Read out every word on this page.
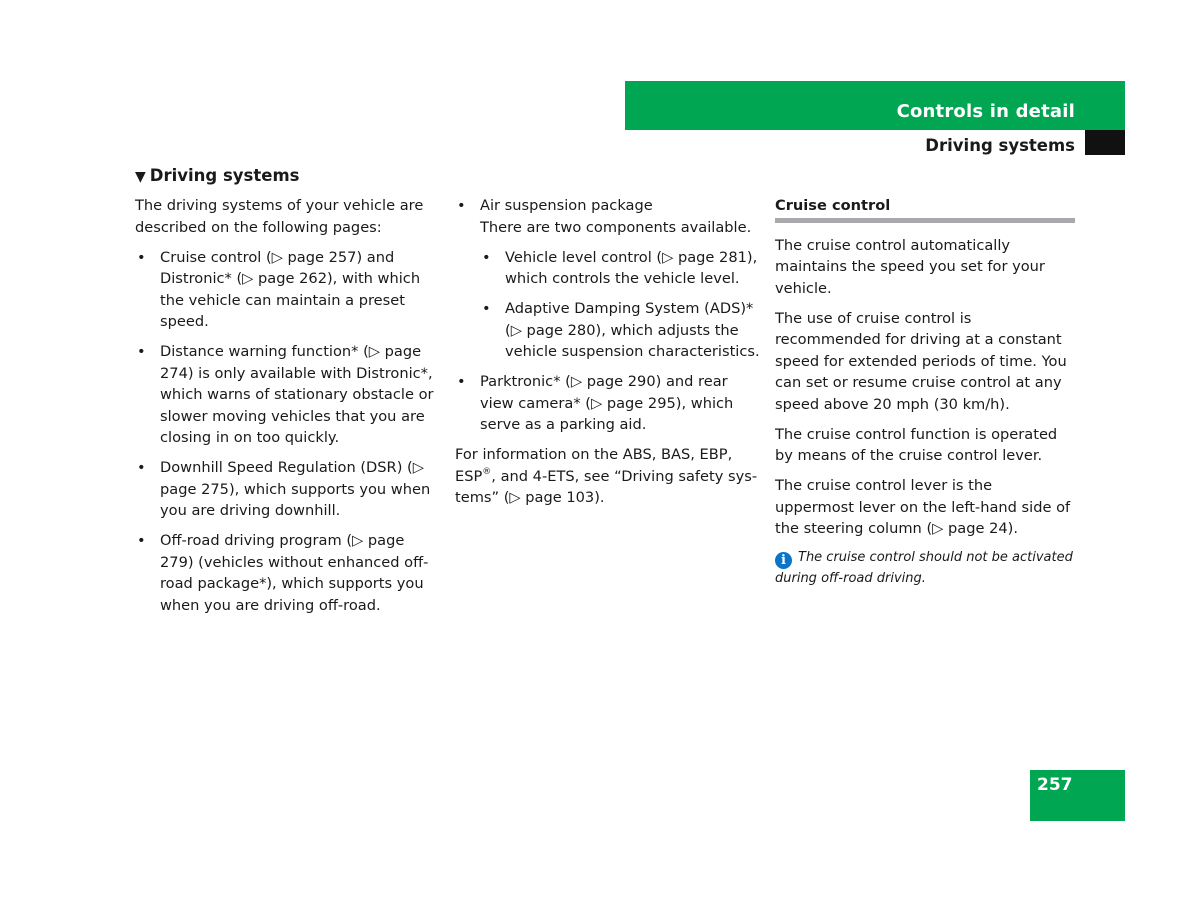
Controls in detail
Driving systems
▼ Driving systems

The driving systems of your vehicle are described on the following pages:

• Cruise control (▷ page 257) and Distronic* (▷ page 262), with which the vehicle can maintain a preset speed.
• Distance warning function* (▷ page 274) is only available with Distronic*, which warns of stationary obstacle or slower moving vehicles that you are closing in on too quickly.
• Downhill Speed Regulation (DSR) (▷ page 275), which supports you when you are driving downhill.
• Off-road driving program (▷ page 279) (vehicles without enhanced off-road package*), which supports you when you are driving off-road.
• Air suspension package
There are two components available.
• Vehicle level control (▷ page 281), which controls the vehicle level.
• Adaptive Damping System (ADS)* (▷ page 280), which adjusts the vehicle suspension characteristics.
• Parktronic* (▷ page 290) and rear view camera* (▷ page 295), which serve as a parking aid.

For information on the ABS, BAS, EBP, ESP®, and 4-ETS, see “Driving safety systems” (▷ page 103).

Cruise control

The cruise control automatically maintains the speed you set for your vehicle.

The use of cruise control is recommended for driving at a constant speed for extended periods of time. You can set or resume cruise control at any speed above 20 mph (30 km/h).

The cruise control function is operated by means of the cruise control lever.

The cruise control lever is the uppermost lever on the left-hand side of the steering column (▷ page 24).

i The cruise control should not be activated during off-road driving.
257
